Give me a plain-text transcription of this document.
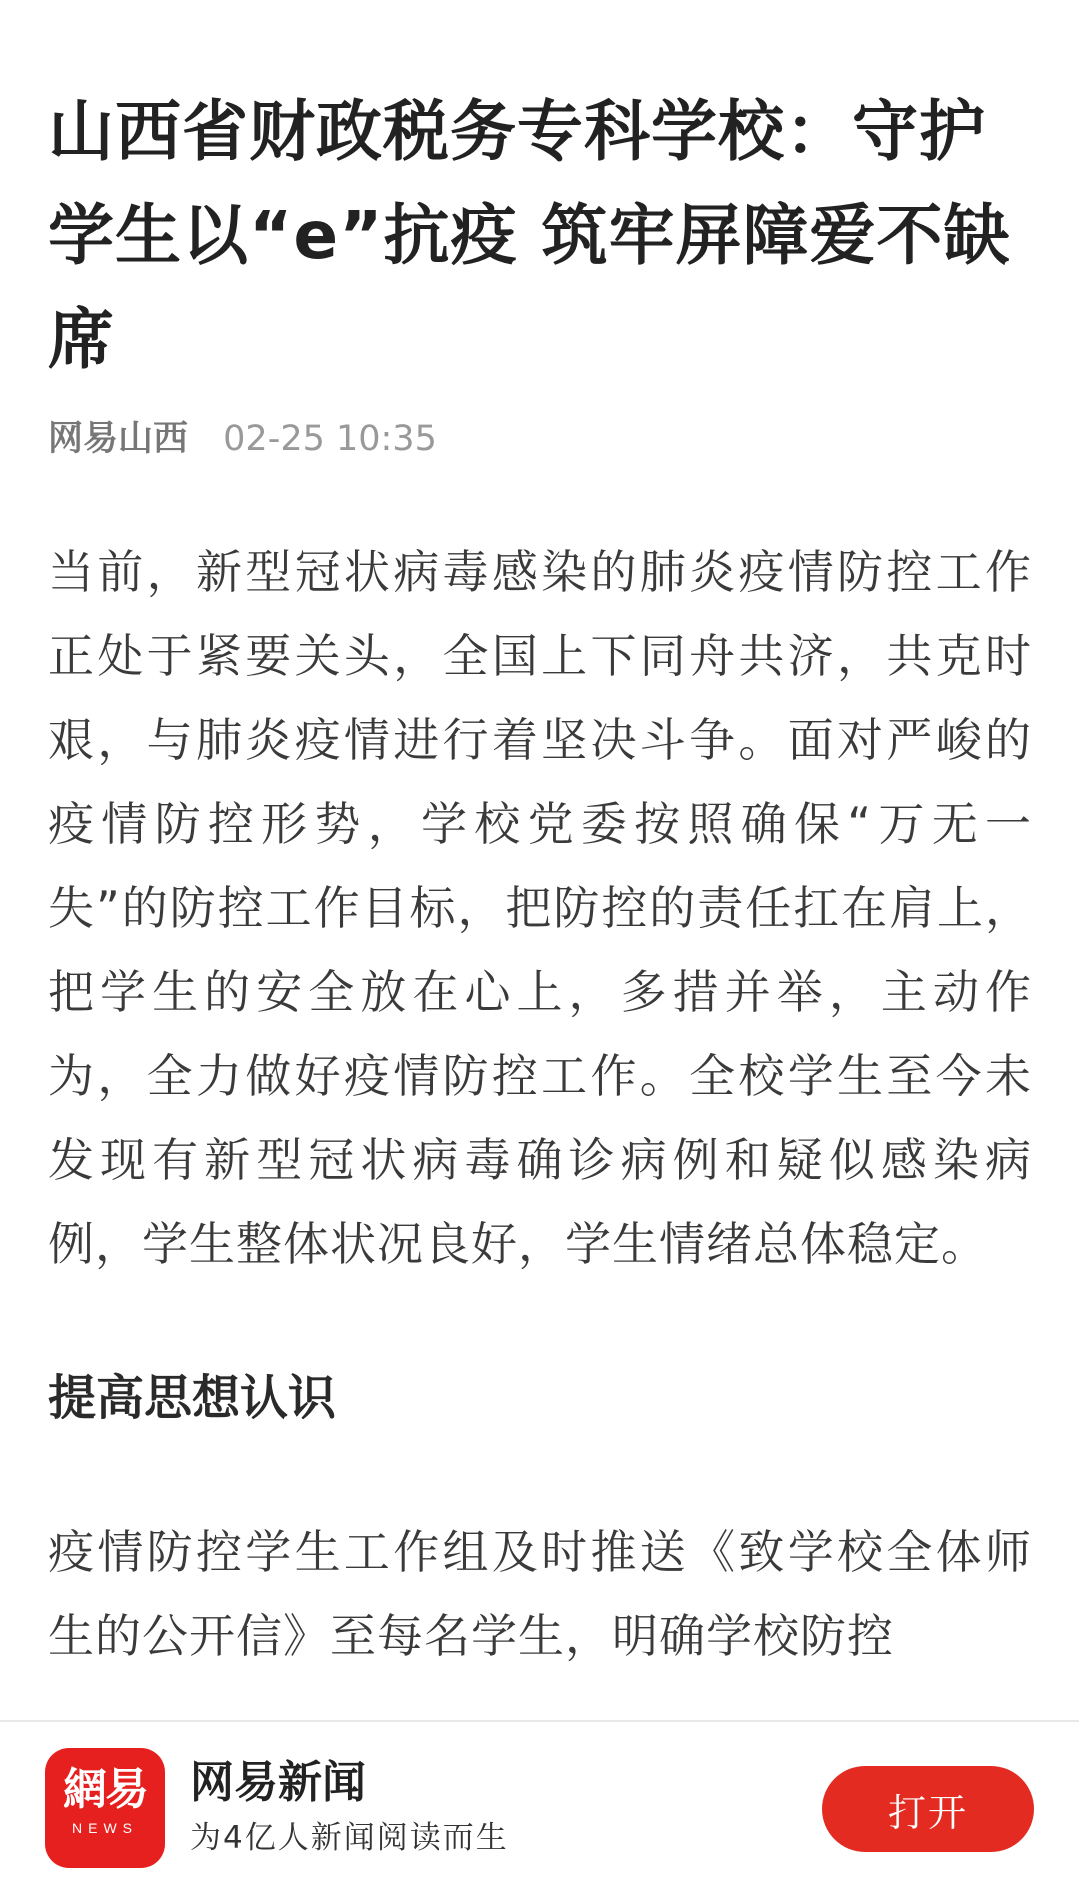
山西省财政税务专科学校：守护学生以“e”抗疫 筑牢屏障爱不缺席
网易山西 02-25 10:35

当前，新型冠状病毒感染的肺炎疫情防控工作正处于紧要关头，全国上下同舟共济，共克时艰，与肺炎疫情进行着坚决斗争。面对严峻的疫情防控形势，学校党委按照确保“万无一失”的防控工作目标，把防控的责任扛在肩上，把学生的安全放在心上，多措并举，主动作为，全力做好疫情防控工作。全校学生至今未发现有新型冠状病毒确诊病例和疑似感染病例，学生整体状况良好，学生情绪总体稳定。

提高思想认识

疫情防控学生工作组及时推送《致学校全体师生的公开信》至每名学生，明确学校防控

網易
NEWS
网易新闻
为4亿人新闻阅读而生
打开
